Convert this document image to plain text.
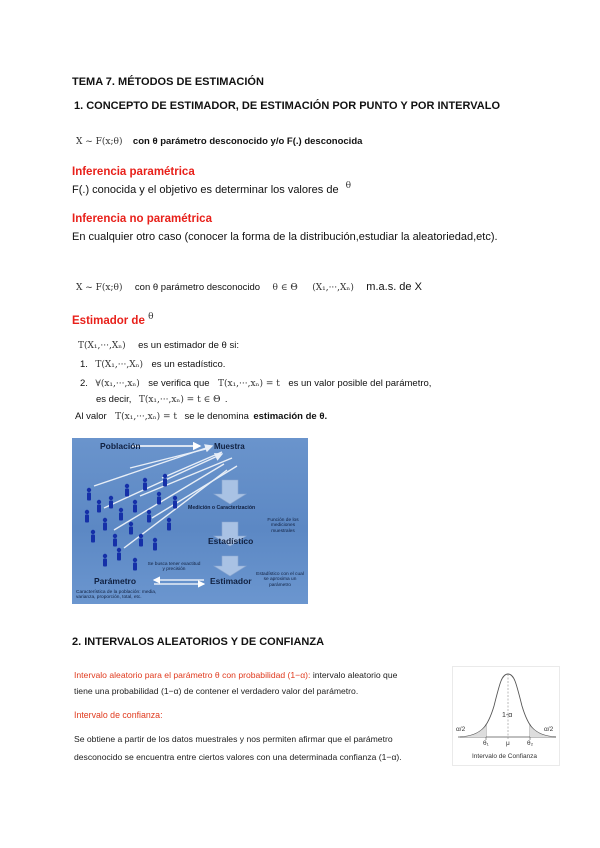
TEMA 7. MÉTODOS DE ESTIMACIÓN
1. CONCEPTO DE ESTIMADOR, DE ESTIMACIÓN POR PUNTO Y POR INTERVALO
X ~ F(x;θ) con θ parámetro desconocido y/o F(.) desconocida
Inferencia paramétrica
F(.) conocida y el objetivo es determinar los valores de $^\theta$
Inferencia no paramétrica
En cualquier otro caso (conocer la forma de la distribución,estudiar la aleatoriedad,etc).
X ~ F(x;θ) con θ parámetro desconocido θ ∈ Θ (X₁,···,Xₙ) m.a.s. de X
Estimador de $^\theta$
T(X₁,···,Xₙ) es un estimador de θ si:
1. T(X₁,···,Xₙ) es un estadístico.
2. ∀(x₁,···,xₙ) se verifica que T(x₁,···,xₙ) = t es un valor posible del parámetro,
es decir, T(x₁,···,xₙ) = t ∈ Θ .
Al valor T(x₁,···,xₙ) = t se le denomina estimación de θ.
Población	Muestra
Medición o Caracterización
Función de los mediciones muestrales
Estadístico
Se busca tener exactitud y precisión
Estimador
Estadístico con el cual se aproxima un parámetro
Parámetro
Característica de la población: media, varianza, proporción, total, etc.
2. INTERVALOS ALEATORIOS Y DE CONFIANZA
Intervalo aleatorio para el parámetro θ con probabilidad (1−α): intervalo aleatorio que
tiene una probabilidad (1−α) de contener el verdadero valor del parámetro.
Intervalo de confianza:
Se obtiene a partir de los datos muestrales y nos permiten afirmar que el parámetro
desconocido se encuentra entre ciertos valores con una determinada confianza (1−α).
1-α
α/2	α/2
θ₁	μ	θ₂
Intervalo de Confianza
